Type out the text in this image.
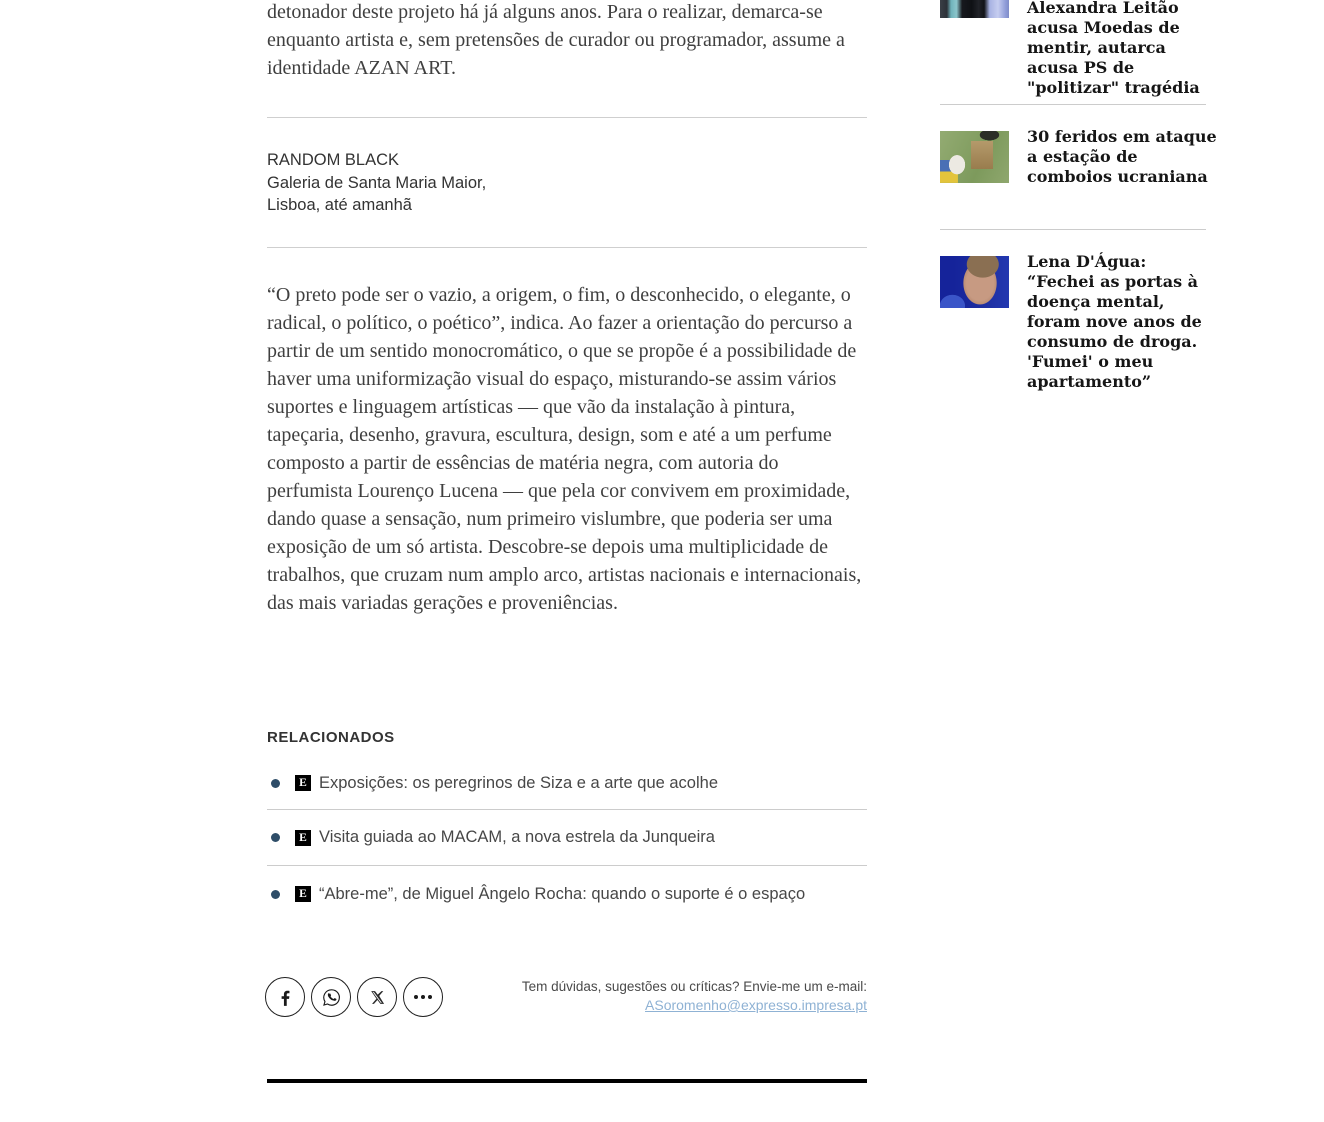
detonador deste projeto há já alguns anos. Para o realizar, demarca-se enquanto artista e, sem pretensões de curador ou programador, assume a identidade AZAN ART.

RANDOM BLACK
Galeria de Santa Maria Maior,
Lisboa, até amanhã

“O preto pode ser o vazio, a origem, o fim, o desconhecido, o elegante, o radical, o político, o poético”, indica. Ao fazer a orientação do percurso a partir de um sentido monocromático, o que se propõe é a possibilidade de haver uma uniformização visual do espaço, misturando-se assim vários suportes e linguagem artísticas — que vão da instalação à pintura, tapeçaria, desenho, gravura, escultura, design, som e até a um perfume composto a partir de essências de matéria negra, com autoria do perfumista Lourenço Lucena — que pela cor convivem em proximidade, dando quase a sensação, num primeiro vislumbre, que poderia ser uma exposição de um só artista. Descobre-se depois uma multiplicidade de trabalhos, que cruzam num amplo arco, artistas nacionais e internacionais, das mais variadas gerações e proveniências.

RELACIONADOS
E Exposições: os peregrinos de Siza e a arte que acolhe
E Visita guiada ao MACAM, a nova estrela da Junqueira
E “Abre-me”, de Miguel Ângelo Rocha: quando o suporte é o espaço
Tem dúvidas, sugestões ou críticas? Envie-me um e-mail:
ASoromenho@expresso.impresa.pt
Alexandra Leitão acusa Moedas de mentir, autarca acusa PS de "politizar" tragédia
30 feridos em ataque a estação de comboios ucraniana
Lena D'Água: “Fechei as portas à doença mental, foram nove anos de consumo de droga. 'Fumei' o meu apartamento”
